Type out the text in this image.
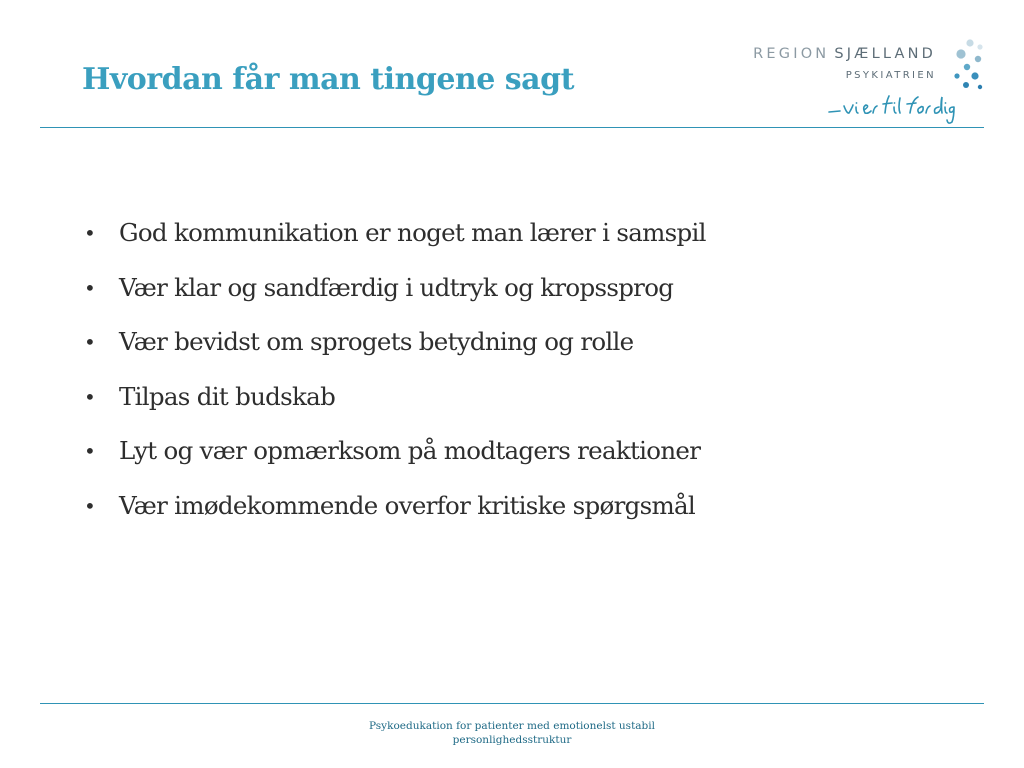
Hvordan får man tingene sagt
REGION SJÆLLAND
PSYKIATRIEN
• God kommunikation er noget man lærer i samspil
• Vær klar og sandfærdig i udtryk og kropssprog
• Vær bevidst om sprogets betydning og rolle
• Tilpas dit budskab
• Lyt og vær opmærksom på modtagers reaktioner
• Vær imødekommende overfor kritiske spørgsmål
Psykoedukation for patienter med emotionelst ustabil
personlighedsstruktur
